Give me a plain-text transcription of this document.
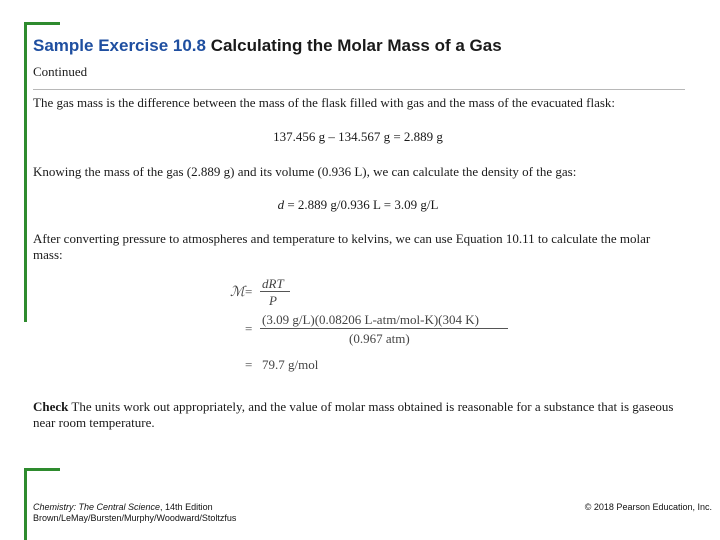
Sample Exercise 10.8 Calculating the Molar Mass of a Gas
Continued
The gas mass is the difference between the mass of the flask filled with gas and the mass of the evacuated flask:
137.456 g – 134.567 g = 2.889 g
Knowing the mass of the gas (2.889 g) and its volume (0.936 L), we can calculate the density of the gas:
d = 2.889 g/0.936 L = 3.09 g/L
After converting pressure to atmospheres and temperature to kelvins, we can use Equation 10.11 to calculate the molar mass:
ℳ =
dRT
P
=
(3.09 g/L)(0.08206 L-atm/mol-K)(304 K)
(0.967 atm)
= 79.7 g/mol
Check The units work out appropriately, and the value of molar mass obtained is reasonable for a substance that is gaseous near room temperature.
Chemistry: The Central Science, 14th Edition
Brown/LeMay/Bursten/Murphy/Woodward/Stoltzfus
© 2018 Pearson Education, Inc.
